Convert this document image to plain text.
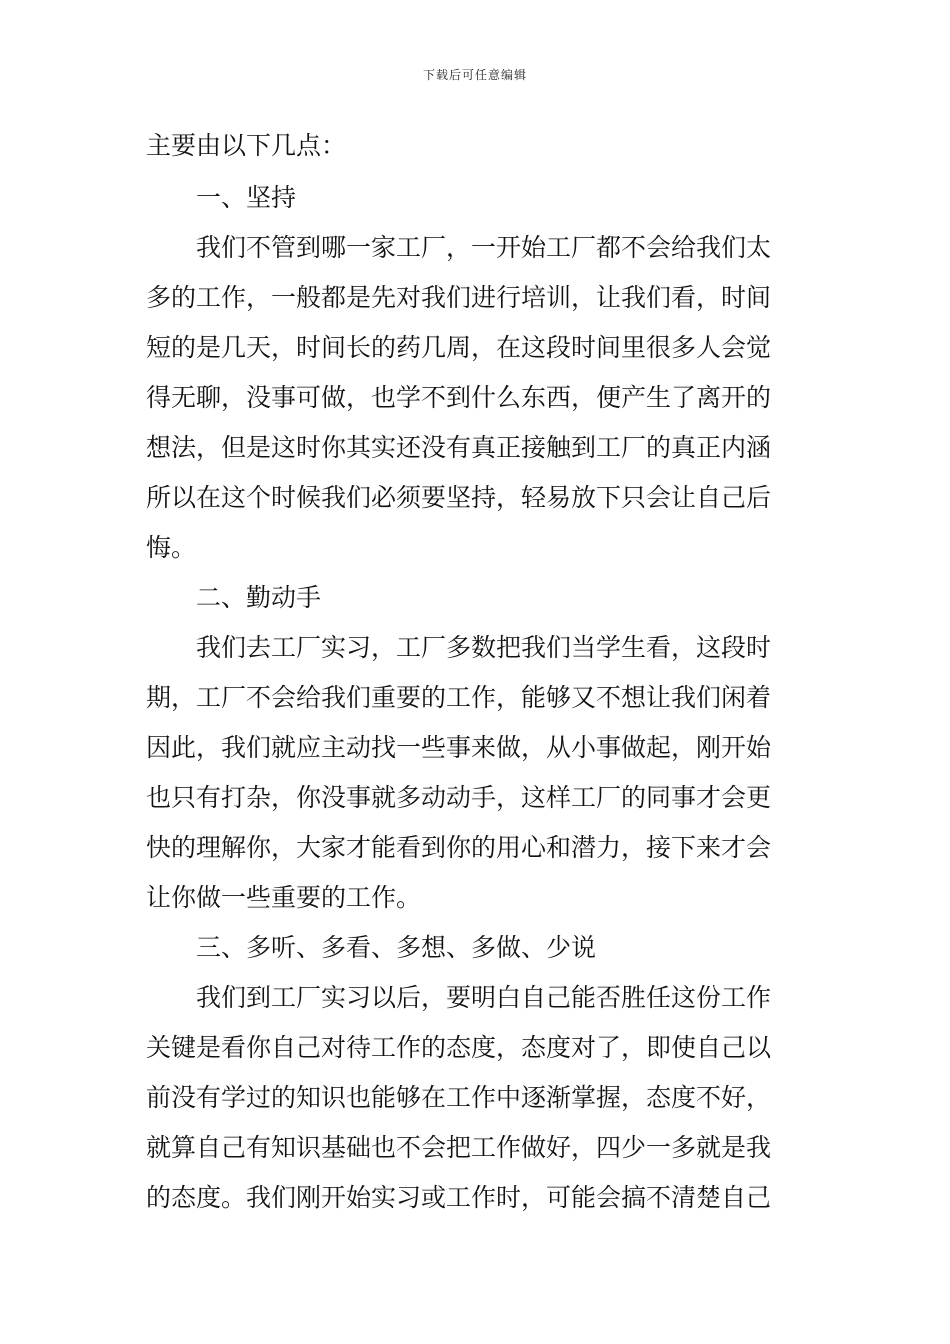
下载后可任意编辑
主要由以下几点：
一、坚持
我们不管到哪一家工厂，一开始工厂都不会给我们太
多的工作，一般都是先对我们进行培训，让我们看，时间
短的是几天，时间长的药几周，在这段时间里很多人会觉
得无聊，没事可做，也学不到什么东西，便产生了离开的
想法，但是这时你其实还没有真正接触到工厂的真正内涵
所以在这个时候我们必须要坚持，轻易放下只会让自己后
悔。
二、勤动手
我们去工厂实习，工厂多数把我们当学生看，这段时
期，工厂不会给我们重要的工作，能够又不想让我们闲着
因此，我们就应主动找一些事来做，从小事做起，刚开始
也只有打杂，你没事就多动动手，这样工厂的同事才会更
快的理解你，大家才能看到你的用心和潜力，接下来才会
让你做一些重要的工作。
三、多听、多看、多想、多做、少说
我们到工厂实习以后，要明白自己能否胜任这份工作
关键是看你自己对待工作的态度，态度对了，即使自己以
前没有学过的知识也能够在工作中逐渐掌握，态度不好，
就算自己有知识基础也不会把工作做好，四少一多就是我
的态度。我们刚开始实习或工作时，可能会搞不清楚自己
